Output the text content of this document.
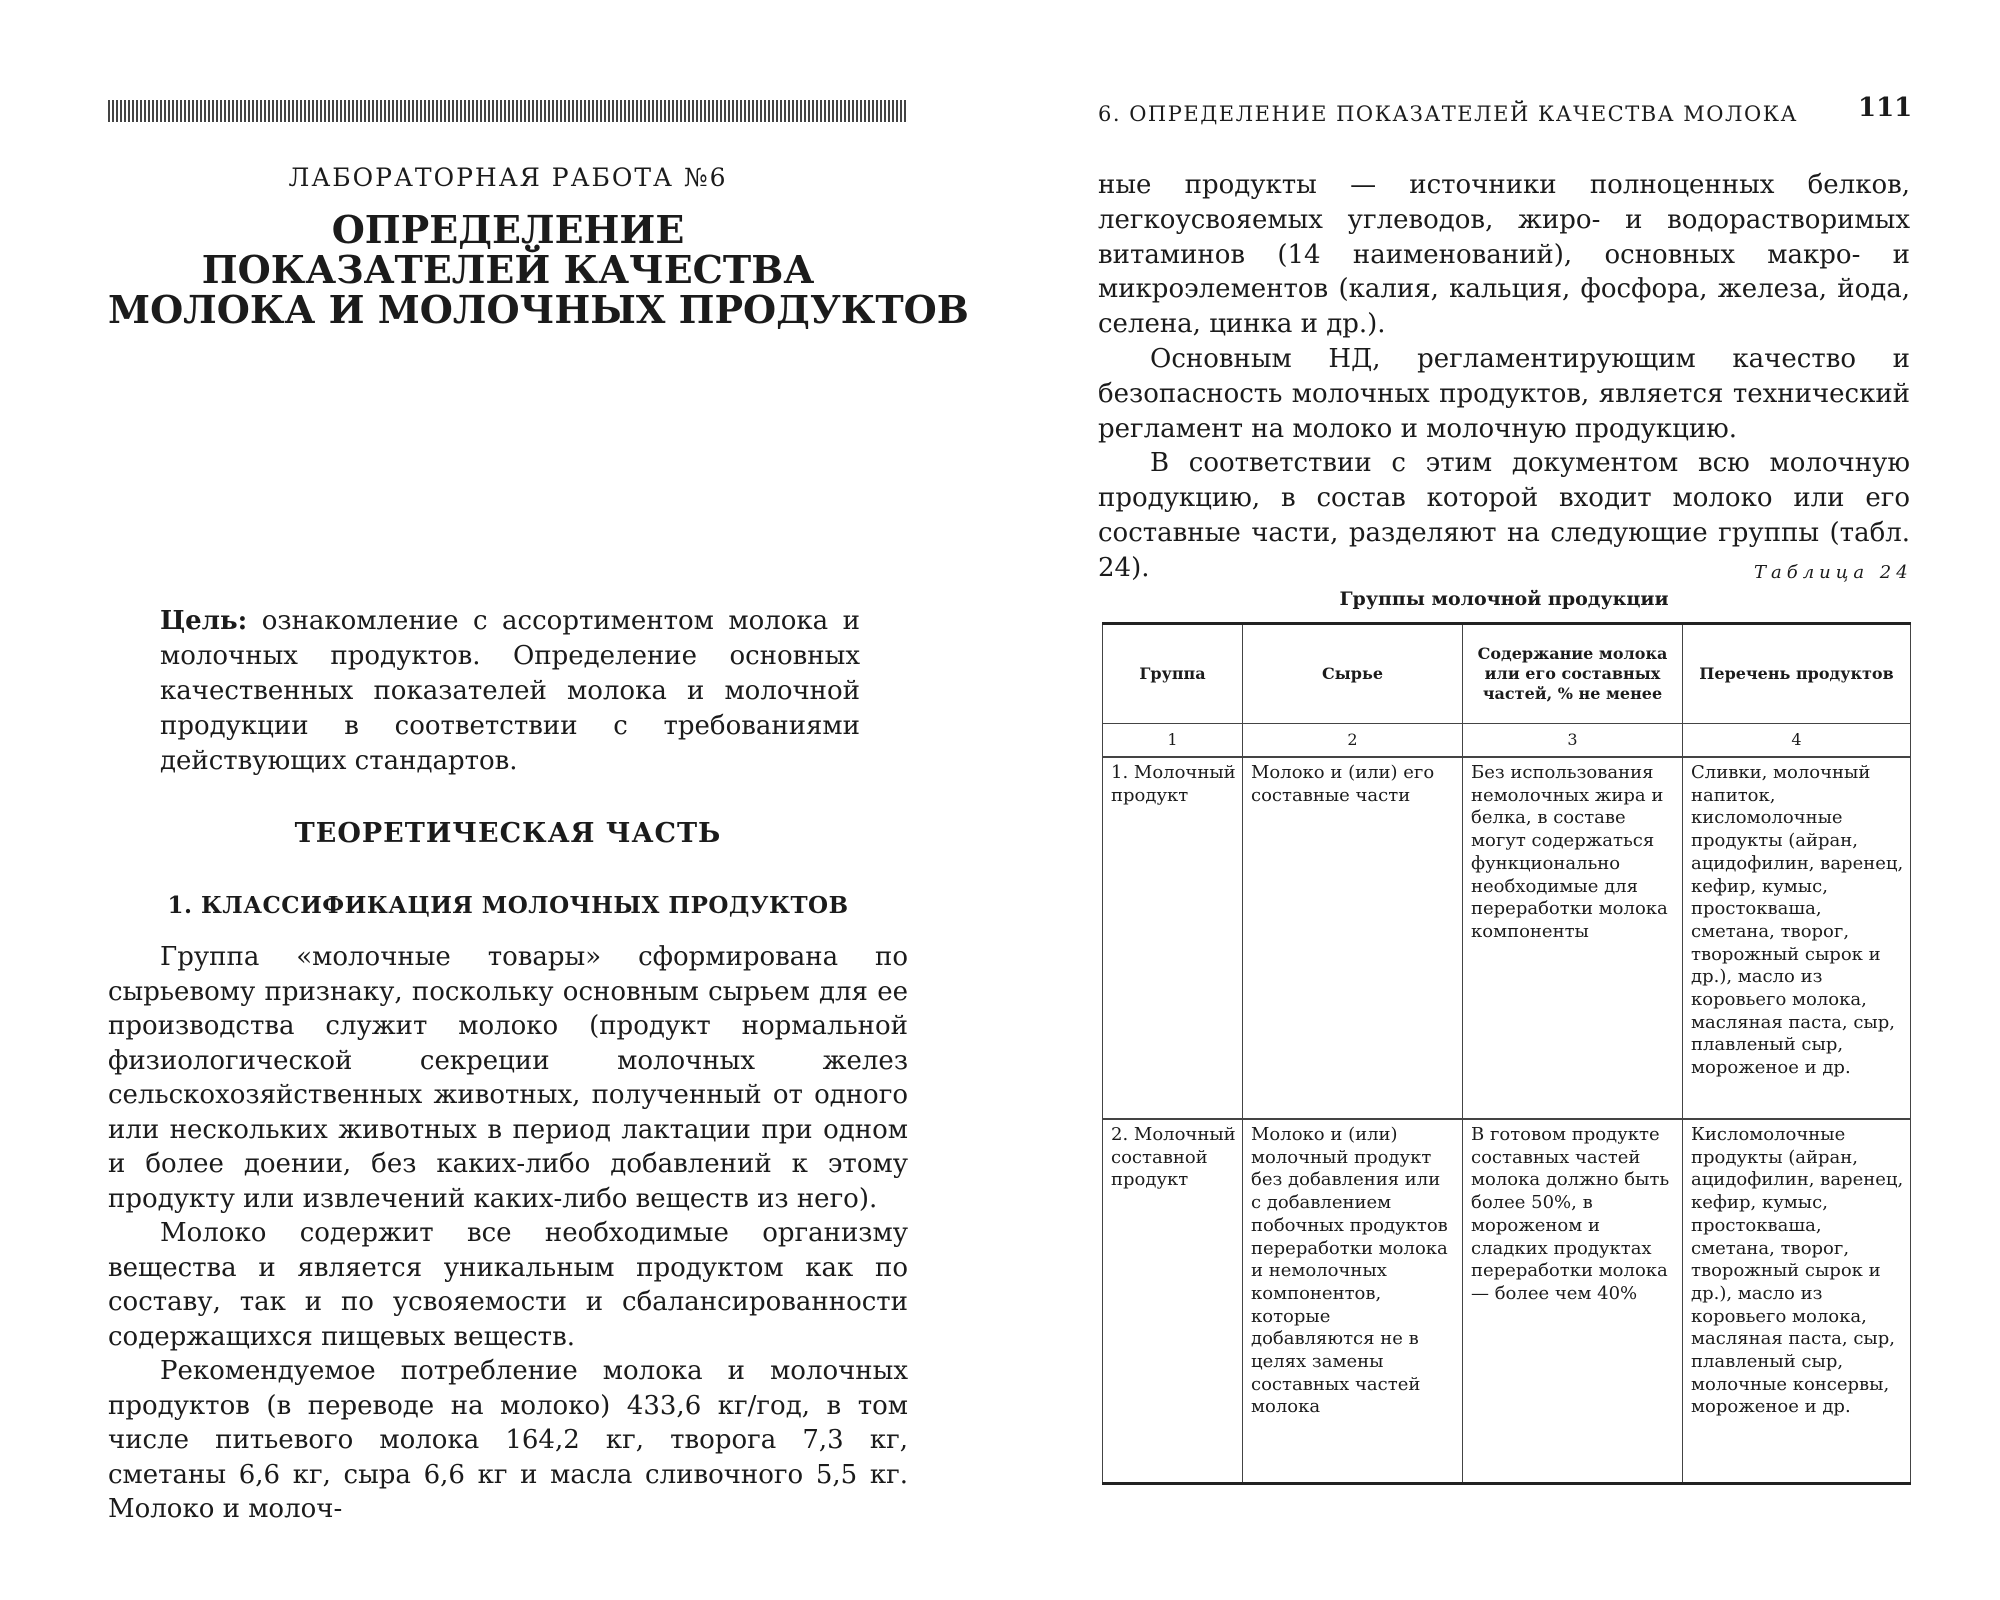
ЛАБОРАТОРНАЯ РАБОТА №6
ОПРЕДЕЛЕНИЕ
ПОКАЗАТЕЛЕЙ КАЧЕСТВА
МОЛОКА И МОЛОЧНЫХ ПРОДУКТОВ
Цель: ознакомление с ассортиментом молока и молочных продуктов. Определение основных качественных показателей молока и молочной продукции в соответствии с требованиями действующих стандартов.
ТЕОРЕТИЧЕСКАЯ ЧАСТЬ
1. КЛАССИФИКАЦИЯ МОЛОЧНЫХ ПРОДУКТОВ

Группа «молочные товары» сформирована по сырьевому признаку, поскольку основным сырьем для ее производства служит молоко (продукт нормальной физиологической секреции молочных желез сельскохозяйственных животных, полученный от одного или нескольких животных в период лактации при одном и более доении, без каких-либо добавлений к этому продукту или извлечений каких-либо веществ из него).

Молоко содержит все необходимые организму вещества и является уникальным продуктом как по составу, так и по усвояемости и сбалансированности содержащихся пищевых веществ.

Рекомендуемое потребление молока и молочных продуктов (в переводе на молоко) 433,6 кг/год, в том числе питьевого молока 164,2 кг, творога 7,3 кг, сметаны 6,6 кг, сыра 6,6 кг и масла сливочного 5,5 кг. Молоко и молоч-

6. ОПРЕДЕЛЕНИЕ ПОКАЗАТЕЛЕЙ КАЧЕСТВА МОЛОКА 111

ные продукты — источники полноценных белков, легкоусвояемых углеводов, жиро- и водорастворимых витаминов (14 наименований), основных макро- и микроэлементов (калия, кальция, фосфора, железа, йода, селена, цинка и др.).

Основным НД, регламентирующим качество и безопасность молочных продуктов, является технический регламент на молоко и молочную продукцию.

В соответствии с этим документом всю молочную продукцию, в состав которой входит молоко или его составные части, разделяют на следующие группы (табл. 24).	Таблица 24
Группы молочной продукции
Группа	Сырье	Содержание молока или его составных частей, % не менее	Перечень продуктов
1	2	3	4
1. Молочный продукт	Молоко и (или) его составные части	Без использования немолочных жира и белка, в составе могут содержаться функционально необходимые для переработки молока компоненты	Сливки, молочный напиток, кисломолочные продукты (айран, ацидофилин, варенец, кефир, кумыс, простокваша, сметана, творог, творожный сырок и др.), масло из коровьего молока, масляная паста, сыр, плавленый сыр, мороженое и др.
2. Молочный составной продукт	Молоко и (или) молочный продукт без добавления или с добавлением побочных продуктов переработки молока и немолочных компонентов, которые добавляются не в целях замены составных частей молока	В готовом продукте составных частей молока должно быть более 50%, в мороженом и сладких продуктах переработки молока — более чем 40%	Кисломолочные продукты (айран, ацидофилин, варенец, кефир, кумыс, простокваша, сметана, творог, творожный сырок и др.), масло из коровьего молока, масляная паста, сыр, плавленый сыр, молочные консервы, мороженое и др.
